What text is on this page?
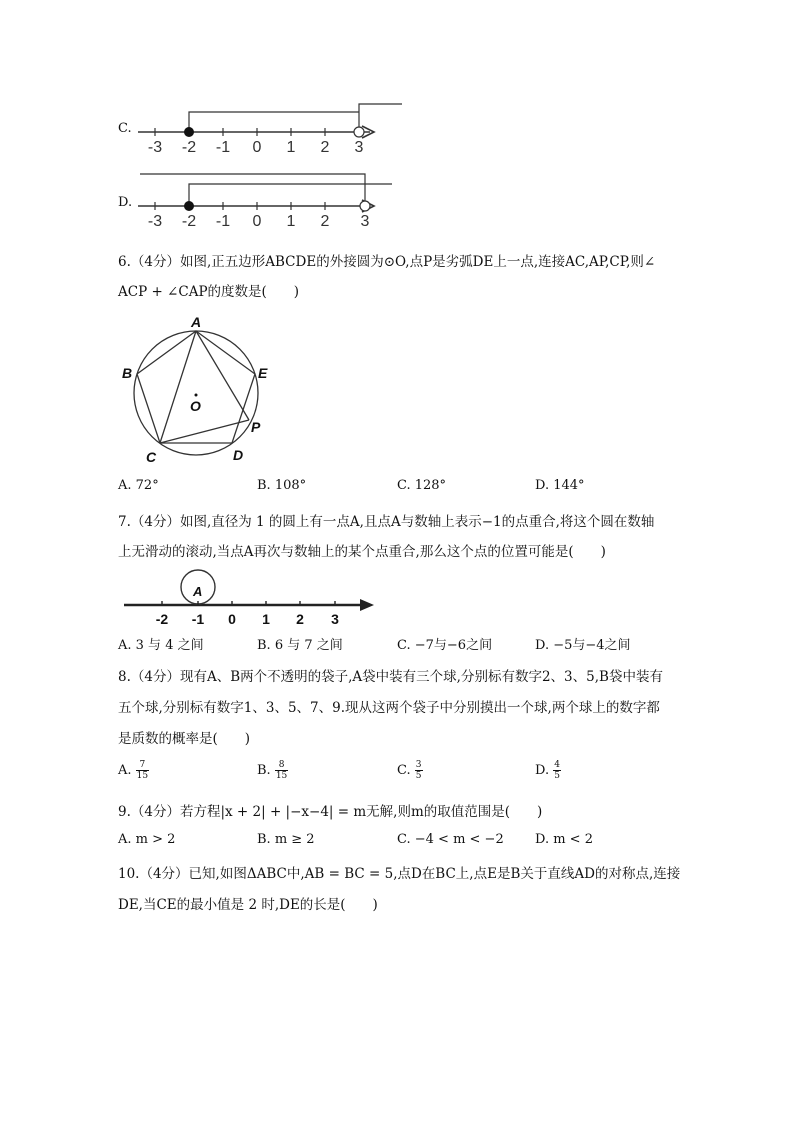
C.
-3 -2 -1 0 1 2 3
D.
-3 -2 -1 0 1 2 3
6.（4分）如图,正五边形ABCDE的外接圆为⊙O,点P是劣弧DE上一点,连接AC,AP,CP,则∠
ACP + ∠CAP的度数是(　　)
A
B
C	D
E
O
P
A. 72°	B. 108°	C. 128°	D. 144°
7.（4分）如图,直径为 1 的圆上有一点A,且点A与数轴上表示−1的点重合,将这个圆在数轴
上无滑动的滚动,当点A再次与数轴上的某个点重合,那么这个点的位置可能是(　　)
A
-2 -1 0 1 2 3
A. 3 与 4 之间	B. 6 与 7 之间	C. −7与−6之间	D. −5与−4之间
8.（4分）现有A、B两个不透明的袋子,A袋中装有三个球,分别标有数字2、3、5,B袋中装有
五个球,分别标有数字1、3、5、7、9.现从这两个袋子中分别摸出一个球,两个球上的数字都
是质数的概率是(　　)
A. $\frac{7}{15}$	B. $\frac{8}{15}$	C. $\frac{3}{5}$	D. $\frac{4}{5}$
9.（4分）若方程|x + 2| + |−x−4| = m无解,则m的取值范围是(　　)
A. m > 2	B. m ≥ 2	C. −4 < m < −2 D. m < 2
10.（4分）已知,如图ΔABC中,AB = BC = 5,点D在BC上,点E是B关于直线AD的对称点,连接
DE,当CE的最小值是 2 时,DE的长是(　　)
